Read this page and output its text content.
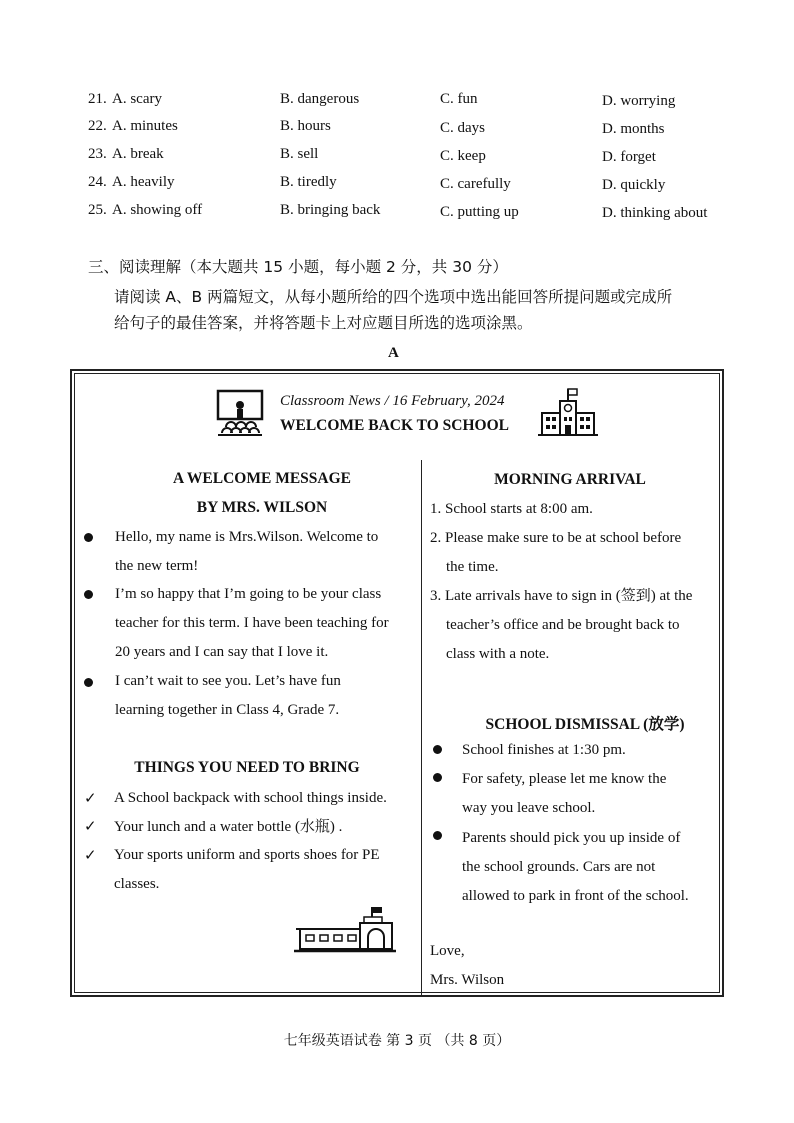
21. A. scary	B. dangerous	C. fun	D. worrying
22. A. minutes	B. hours	C. days	D. months
23. A. break	B. sell	C. keep	D. forget
24. A. heavily	B. tiredly	C. carefully	D. quickly
25. A. showing off	B. bringing back	C. putting up	D. thinking about
三、阅读理解（本大题共 15 小题，每小题 2 分，共 30 分）
请阅读 A、B 两篇短文，从每小题所给的四个选项中选出能回答所提问题或完成所
给句子的最佳答案，并将答题卡上对应题目所选的选项涂黑。
A
Classroom News / 16 February, 2024
WELCOME BACK TO SCHOOL
A WELCOME MESSAGE
BY MRS. WILSON
Hello, my name is Mrs.Wilson. Welcome to
the new term!
I’m so happy that I’m going to be your class
teacher for this term. I have been teaching for
20 years and I can say that I love it.
I can’t wait to see you. Let’s have fun
learning together in Class 4, Grade 7.
THINGS YOU NEED TO BRING
✓ A School backpack with school things inside.
✓ Your lunch and a water bottle (水瓶) .
✓ Your sports uniform and sports shoes for PE
classes.
MORNING ARRIVAL
1. School starts at 8:00 am.
2. Please make sure to be at school before
the time.
3. Late arrivals have to sign in (签到) at the
teacher’s office and be brought back to
class with a note.
SCHOOL DISMISSAL (放学)
School finishes at 1:30 pm.
For safety, please let me know the
way you leave school.
Parents should pick you up inside of
the school grounds. Cars are not
allowed to park in front of the school.
Love,
Mrs. Wilson
七年级英语试卷 第 3 页 （共 8 页）
